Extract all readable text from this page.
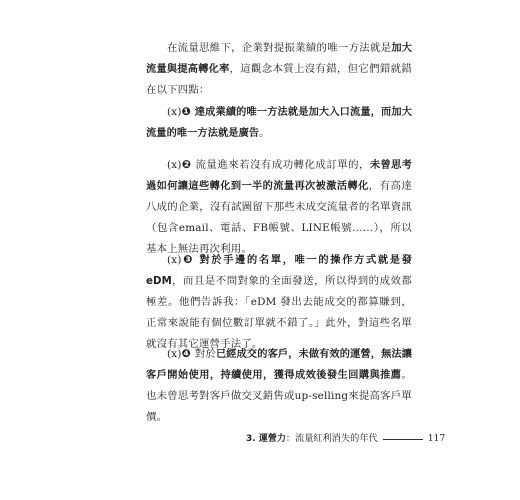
在流量思維下，企業對提振業績的唯一方法就是加大流量與提高轉化率，這觀念本質上沒有錯，但它們錯就錯在以下四點：

(x)❶ 達成業績的唯一方法就是加大入口流量，而加大流量的唯一方法就是廣告。

(x)❷ 流量進來若沒有成功轉化成訂單的，未曾思考過如何讓這些轉化到一半的流量再次被激活轉化，有高達八成的企業，沒有試圖留下那些未成交流量者的名單資訊（包含email、電話、FB帳號、LINE帳號……），所以基本上無法再次利用。

(x)❸ 對於手邊的名單，唯一的操作方式就是發 eDM，而且是不問對象的全面發送，所以得到的成效都極差。他們告訴我：「eDM 發出去能成交的都算賺到，正常來說能有個位數訂單就不錯了。」此外，對這些名單就沒有其它運營手法了。

(x)❹ 對於已經成交的客戶，未做有效的運營，無法讓客戶開始使用，持續使用，獲得成效後發生回購與推薦。也未曾思考對客戶做交叉銷售或up-selling來提高客戶單價。

3. 運營力 ：流量紅利消失的年代	117
